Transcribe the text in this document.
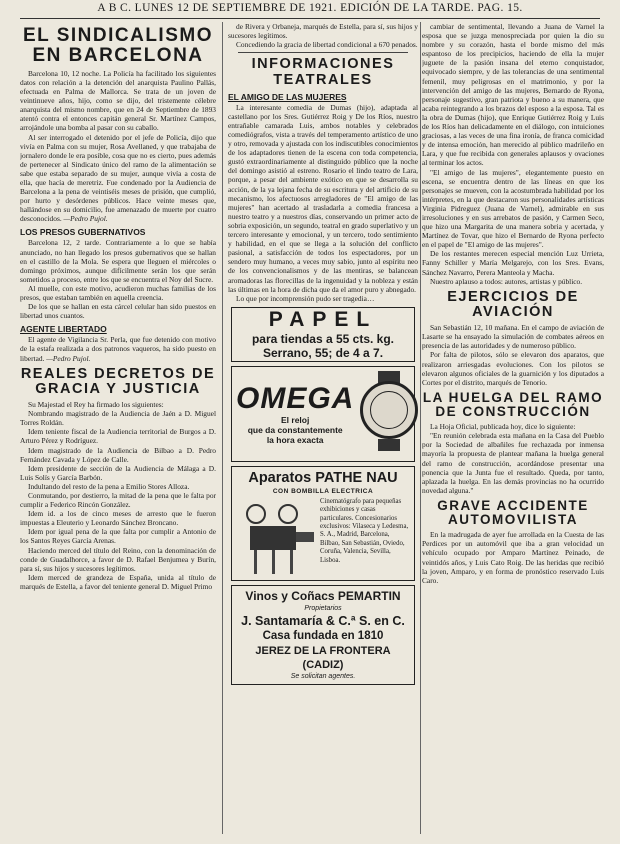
A B C. LUNES 12 DE SEPTIEMBRE DE 1921. EDICIÓN DE LA TARDE. PAG. 15.
EL SINDICALISMO EN BARCELONA

Barcelona 10, 12 noche. La Policía ha facilitado los siguientes datos con relación a la detención del anarquista Paulino Pallás, efectuada en Palma de Mallorca. Se trata de un joven de veintinueve años, hijo, como se dijo, del tristemente célebre anarquista del mismo nombre, que en 24 de Septiembre de 1893 atentó contra el entonces capitán general Sr. Martínez Campos, arrojándole una bomba al pasar con su caballo.

Al ser interrogado el detenido por el jefe de Policía, dijo que vivía en Palma con su mujer, Rosa Avellaned, y que trabajaba de jornalero donde le era posible, cosa que no es cierto, pues además de pertenecer al Sindicato único del ramo de la alimentación se sabe que estaba separado de su mujer, aunque vivía a costa de ella, que hacía de meretriz. Fue condenado por la Audiencia de Barcelona a la pena de veintiséis meses de prisión, que cumplió, por hurto y desórdenes públicos. Hace veinte meses que, hallándose en su domicilio, fue amenazado de muerte por cuatro desconocidos. —Pedro Pujol.

LOS PRESOS GUBERNATIVOS

Barcelona 12, 2 tarde. Contrariamente a lo que se había anunciado, no han llegado los presos gubernativos que se hallan en el castillo de la Mola. Se espera que lleguen el miércoles o domingo próximos, aunque difícilmente serán los que serán sometidos a proceso, entre los que se encuentra el Noy del Sucre.

Al muelle, con este motivo, acudieron muchas familias de los presos, que estaban también en aquella creencia.

De los que se hallan en esta cárcel celular han sido puestos en libertad unos cuantos.

AGENTE LIBERTADO

El agente de Vigilancia Sr. Perla, que fue detenido con motivo de la estafa realizada a dos patronos vaqueros, ha sido puesto en libertad. —Pedro Pujol.

REALES DECRETOS DE GRACIA Y JUSTICIA

Su Majestad el Rey ha firmado los siguientes:

Nombrando magistrado de la Audiencia de Jaén a D. Miguel Torres Roldán.

Idem teniente fiscal de la Audiencia territorial de Burgos a D. Arturo Pérez y Rodríguez.

Idem magistrado de la Audiencia de Bilbao a D. Pedro Fernández Cavada y López de Calle.

Idem presidente de sección de la Audiencia de Málaga a D. Luis Solís y García Barbón.

Indultando del resto de la pena a Emilio Stores Alloza.

Conmutando, por destierro, la mitad de la pena que le falta por cumplir a Federico Rincón González.

Idem id. a los de cinco meses de arresto que le fueron impuestas a Eleuterio y Leonardo Sánchez Broncano.

Idem por igual pena de la que falta por cumplir a Antonio de los Santos Reyes García Arenas.

Haciendo merced del título del Reino, con la denominación de conde de Guadalhorce, a favor de D. Rafael Benjumea y Burín, para sí, sus hijos y sucesores legítimos.

Idem merced de grandeza de España, unida al título de marqués de Estella, a favor del teniente general D. Miguel Primo

de Rivera y Orbaneja, marqués de Estella, para sí, sus hijos y sucesores legítimos.

Concediendo la gracia de libertad condicional a 670 penados.

INFORMACIONES TEATRALES
EL AMIGO DE LAS MUJERES

La interesante comedia de Dumas (hijo), adaptada al castellano por los Sres. Gutiérrez Roig y De los Ríos, nuestro entrañable camarada Luis, ambos notables y celebrados comediógrafos, vista a través del temperamento artístico de uno y otro, removada y ajustada con los indiscutibles conocimientos de los adaptadores tienen de la escena con toda competencia, gustó extraordinariamente al distinguido público que la noche del domingo asistió al estreno. Rosario el lindo teatro de Lara, porque, a pesar del ambiente exótico en que se desarrolla su acción, de la ya lejana fecha de su escritura y del artificio de su mecanismo, los afectuosos arregladores de "El amigo de las mujeres" han acertado al trasladarla a comedia francesa a nuestro teatro y a nuestros días, conservando un primer acto de sobria exposición, un segundo, teatral en grado superlativo y un tercero interesante y emocional, y un tercero, todo sentimiento y habilidad, en el que se llega a la solución del conflicto pasional, a satisfacción de todos los espectadores, por un sendero muy humano, a veces muy sabio, junto al espíritu neo de los convencionalismos y de las mentiras, se balancean aromadoras las florecillas de la ingenuidad y la nobleza y están las últimas en la hora de dicha que da el amor puro y abnegado.

Lo que por incomprensión pudo ser tragedia…

PAPEL
para tiendas a 55 cts. kg.
Serrano, 55; de 4 a 7.
OMEGA
El reloj
que da constantemente
la hora exacta
Aparatos PATHE NAU
CON BOMBILLA ELECTRICA
Cinematógrafo para pequeñas exhibiciones y casas particulares. Concesionarios exclusivos: Vilaseca y Ledesma, S. A., Madrid, Barcelona, Bilbao, San Sebastián, Oviedo, Coruña, Valencia, Sevilla, Lisboa.
Vinos y Coñacs PEMARTIN
Propietarios
J. Santamaría & C.ª S. en C.
Casa fundada en 1810
JEREZ DE LA FRONTERA (CADIZ)
Se solicitan agentes.

cambiar de sentimental, llevando a Juana de Varnel la esposa que se juzga menospreciada por quien la dio su nombre y su corazón, hasta el borde mismo del más espantoso de los precipicios, haciendo de ella la mujer juguete de la pasión insana del eterno conquistador, equivocado siempre, y de las tolerancias de una sentimental femenil, muy peligrosas en el matrimonio, y por la intervención del amigo de las mujeres, Bernardo de Ryona, personaje sugestivo, gran patriota y bueno a su manera, que acaba reintegrando a los brazos del esposo a la esposa. Tal es la obra de Dumas (hijo), que Enrique Gutiérrez Roig y Luis de los Ríos han delicadamente en el diálogo, con intuiciones graciosas, a las veces de una fina ironía, de franca comicidad y de intensa emoción, han merecido al público madrileño en Lara, y que fue recibida con generales aplausos y ovaciones al terminar los actos.

"El amigo de las mujeres", elegantemente puesto en escena, se encuentra dentro de las líneas en que los personajes se mueven, con la acostumbrada habilidad por los intérpretes, en la que destacaron sus personalidades artísticas Virginia Pidreguez (Juana de Varnel), admirable en sus irresoluciones y en sus arrebatos de pasión, y Carmen Seco, que hizo una Margarita de una manera sobria y acertada, y Martínez de Tovar, que hizo el Bernardo de Ryona perfecto en el papel de "El amigo de las mujeres".

De los restantes merecen especial mención Luz Urrieta, Fanny Schiller y María Melgarejo, con los Sres. Evans, Sánchez Navarro, Perera Manteola y Macha.

Nuestro aplauso a todos: autores, artistas y público.

EJERCICIOS DE AVIACIÓN

San Sebastián 12, 10 mañana. En el campo de aviación de Lasarte se ha ensayado la simulación de combates aéreos en presencia de las autoridades y de numeroso público.

Por falta de pilotos, sólo se elevaron dos aparatos, que realizaron arriesgadas evoluciones. Con los pilotos se elevaron algunos oficiales de la guarnición y los diputados a Cortes por el distrito, marqués de Tenorio.

LA HUELGA DEL RAMO DE CONSTRUCCIÓN

La Hoja Oficial, publicada hoy, dice lo siguiente:

"En reunión celebrada esta mañana en la Casa del Pueblo por la Sociedad de albañiles fue rechazada por inmensa mayoría la propuesta de plantear mañana la huelga general del ramo de construcción, acordándose presentar una ponencia que la Junta fue el resultado. Queda, por tanto, aplazada la huelga. En las demás provincias no ha ocurrido novedad alguna."

GRAVE ACCIDENTE AUTOMOVILISTA

En la madrugada de ayer fue arrollada en la Cuesta de las Perdices por un automóvil que iba a gran velocidad un vehículo ocupado por Amparo Martínez Peinado, de veintidós años, y Luis Cato Roig. De las heridas que recibió la joven, Amparo, y en forma de pronóstico reservado Luis Caro.
